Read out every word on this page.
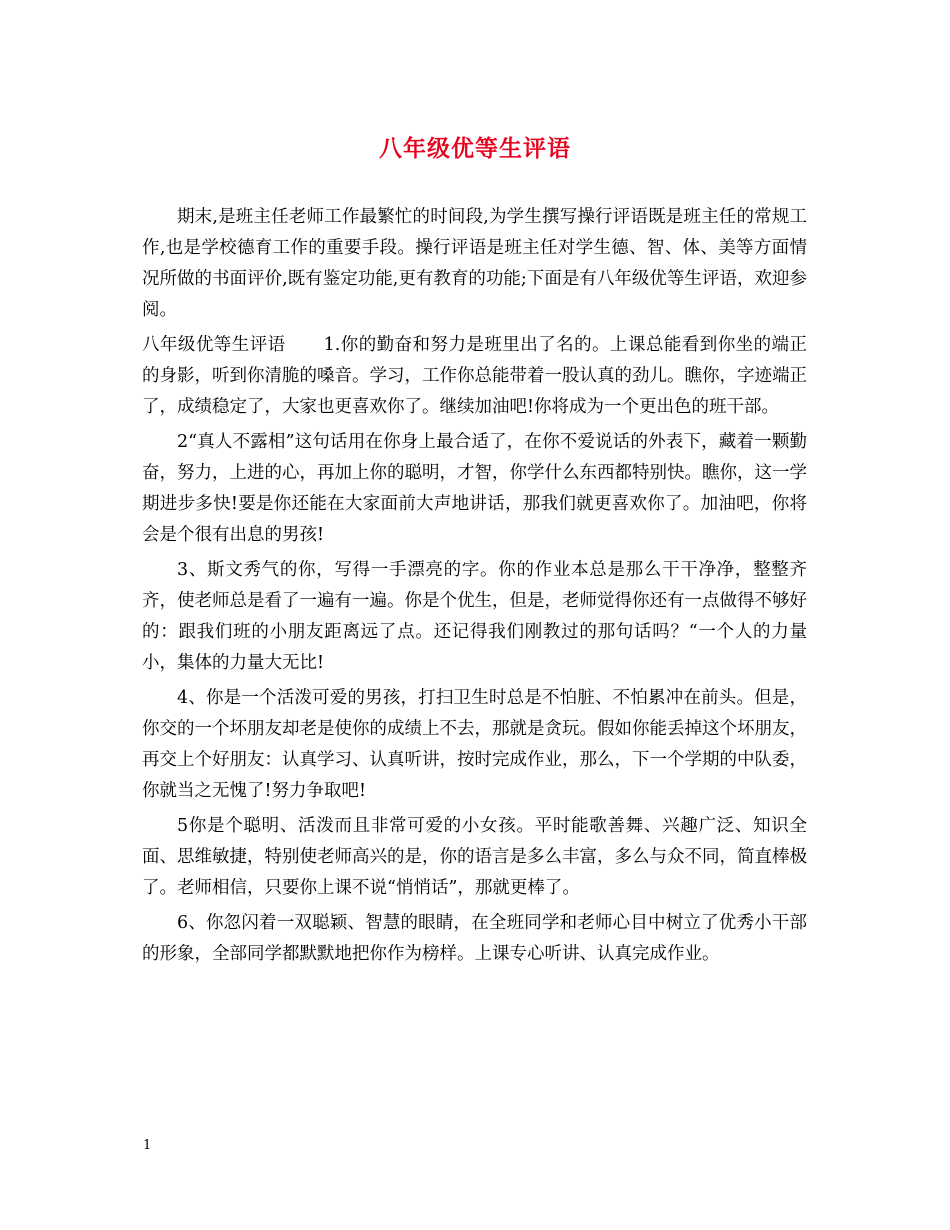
八年级优等生评语

期末,是班主任老师工作最繁忙的时间段,为学生撰写操行评语既是班主任的常规工作,也是学校德育工作的重要手段。操行评语是班主任对学生德、智、体、美等方面情况所做的书面评价,既有鉴定功能,更有教育的功能;下面是有八年级优等生评语，欢迎参阅。

八年级优等生评语 1.你的勤奋和努力是班里出了名的。上课总能看到你坐的端正的身影，听到你清脆的嗓音。学习，工作你总能带着一股认真的劲儿。瞧你，字迹端正了，成绩稳定了，大家也更喜欢你了。继续加油吧!你将成为一个更出色的班干部。

2“真人不露相”这句话用在你身上最合适了，在你不爱说话的外表下，藏着一颗勤奋，努力，上进的心，再加上你的聪明，才智，你学什么东西都特别快。瞧你，这一学期进步多快!要是你还能在大家面前大声地讲话，那我们就更喜欢你了。加油吧，你将会是个很有出息的男孩!

3、斯文秀气的你，写得一手漂亮的字。你的作业本总是那么干干净净，整整齐齐，使老师总是看了一遍有一遍。你是个优生，但是，老师觉得你还有一点做得不够好的：跟我们班的小朋友距离远了点。还记得我们刚教过的那句话吗？“一个人的力量小，集体的力量大无比!

4、你是一个活泼可爱的男孩，打扫卫生时总是不怕脏、不怕累冲在前头。但是，你交的一个坏朋友却老是使你的成绩上不去，那就是贪玩。假如你能丢掉这个坏朋友，再交上个好朋友：认真学习、认真听讲，按时完成作业，那么，下一个学期的中队委，你就当之无愧了!努力争取吧!

5你是个聪明、活泼而且非常可爱的小女孩。平时能歌善舞、兴趣广泛、知识全面、思维敏捷，特别使老师高兴的是，你的语言是多么丰富，多么与众不同，简直棒极了。老师相信，只要你上课不说“悄悄话”，那就更棒了。

6、你忽闪着一双聪颖、智慧的眼睛，在全班同学和老师心目中树立了优秀小干部的形象，全部同学都默默地把你作为榜样。上课专心听讲、认真完成作业。

1
